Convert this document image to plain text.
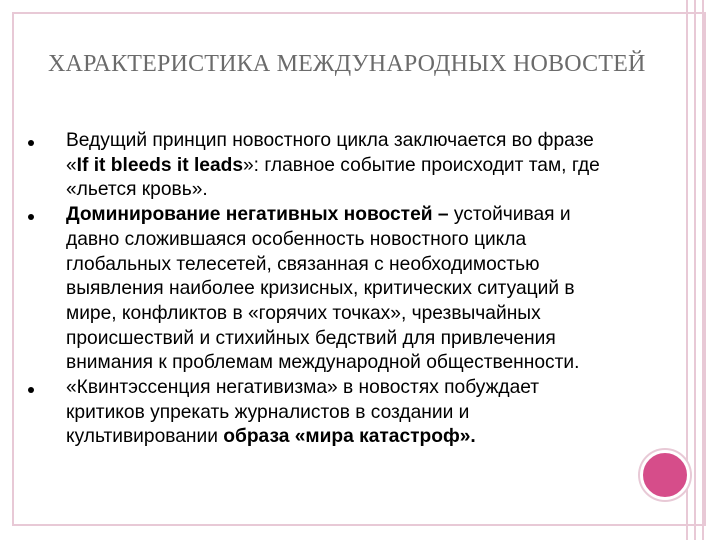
ХАРАКТЕРИСТИКА МЕЖДУНАРОДНЫХ НОВОСТЕЙ
Ведущий принцип новостного цикла заключается во фразе «If it bleeds it leads»: главное событие происходит там, где «льется кровь».
Доминирование негативных новостей – устойчивая и давно сложившаяся особенность новостного цикла глобальных телесетей, связанная с необходимостью выявления наиболее кризисных, критических ситуаций в мире, конфликтов в «горячих точках», чрезвычайных происшествий и стихийных бедствий для привлечения внимания к проблемам международной общественности.
«Квинтэссенция негативизма» в новостях побуждает критиков упрекать журналистов в создании и культивировании образа «мира катастроф».
